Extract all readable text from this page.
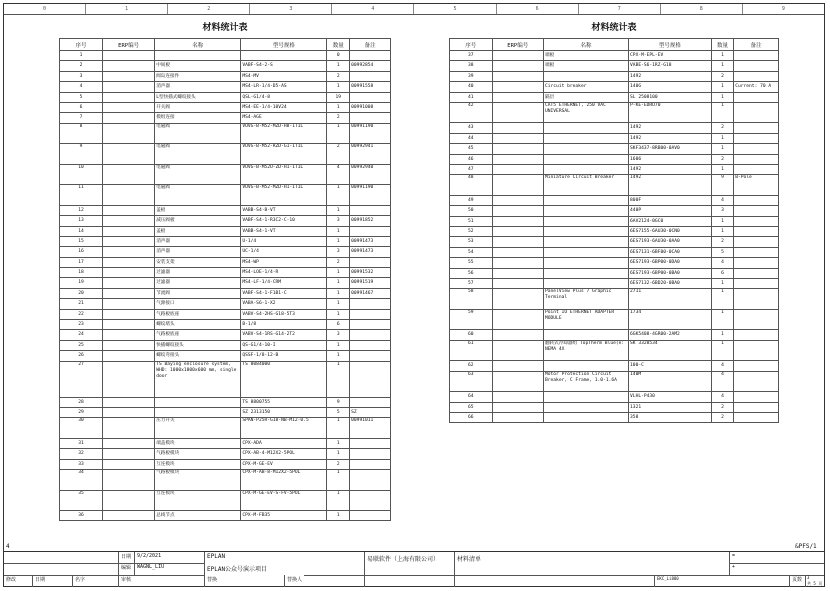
0	1	2	3	4	5	6	7	8	9
材料统计表
序号	ERP编号	名称	型号规格	数量	备注
1				0	
2		中间板	VABF-S4-2-S	1	00992854
3		阀岛连接件	MS4-MV	2	
4		消声器	MS4-LR-1/4-D5-AS	1	00991558
5		L型快插式螺纹接头	QSL-G1/4-8	19	
6		开关阀	MS4-EE-1/4-10V24	1	00991008
7		模组连接	MS4-AGE	2	
8		电磁阀	VUVG-B-M52-MZD-H8-1T1L	1	00991190
9		电磁阀	VUVG-B-M52-RZD-G1-1T1L	2	00992941
10		电磁阀	VUVG-B-M52U-ZD-H1-1T1L	4	00992940
11		电磁阀	VUVG-B-M52-MZD-H1-1T1L	1	00991190
12		盖板	VABB-S4-B-VT	1	
13		减压阀板	VABF-S4-1-R3C2-C-10	3	00991852
14		盖板	VABB-S4-1-VT	1	
15		消声器	U-1/4	1	00991473
16		消声器	UC-1/4	3	00991473
17		安装支架	MS4-WP	2	
18		过滤器	MS4-LOE-1/4-R	1	00991532
19		过滤器	MS4-LF-1/4-CRM	1	00991519
20		节流阀	VABF-S4-1-F1B1-C	1	00991467
21		气源接口	VABA-S6-1-X2	1	
22		气路板底座	VABV-S4-2HS-G18-5T3	1	
23		螺纹堵头	B-1/8	6	
24		气路板底座	VABV-S4-1RS-G14-2T2	3	
25		快插螺纹接头	QS-G1/4-10-I	1	
26		螺纹弯接头	QSSF-1/8-12-B	1	
27		TS Baying enclosure system, WHD: 1000x1800x600 mm, single door	TS 8084000	1	
28			TS 8800755	9	
29			SZ 2313150	5	SZ
30		压力开关	SPAN-P25R-G18-NB-M12-0.5	1	00991011
31		端盖模块	CPX-ADA	1	
32		气路板模块	CPX-AB-4-M12X2-5POL	1	
33		互连模块	CPX-M-GE-EV	2	
34		气路板模块	CPX-M-AB-8-M12X2-5POL	1	
35		互连模块	CPX-M-GE-EV-S-FV-5POL	1	
36		总线节点	CPX-M-FB35	1	
材料统计表
序号	ERP编号	名称	型号规格	数量	备注
37		端板	CPX-M-EPL-EV	1	
38		端板	VABE-S6-1RZ-G18	1	
39			1492	2	
40		Circuit breaker	140G	1	Current: 70 A
41		隔层	SL 2508100	1	
42		CAT5 ETHERNET, 250 VAC UNIVERSAL	P-KE-EDRU70	1	
43			1492	2	
44			1492	1	
45			SKF3437-8RB00-0AV0	1	
46			1606	2	
47			1492	1	
48		Miniature Circuit Breaker	1492	9	B-Pole
49			800F	4	
50			440P	3	
51			6AV2124-0GC0	1	
52			6ES7155-6AU30-0CN0	1	
53			6ES7193-6AU30-0AA0	2	
54			6ES7131-6BF00-0CA0	5	
55			6ES7193-6BP00-0DA0	4	
56			6ES7193-6BP00-0BA0	6	
57			6ES7132-6BD20-0BA0	1	
58		PanelView Plus 7 Graphic Terminal	2711	1	
59		Point IO ETHERNET ADAPTER MODULE	1734	1	
60			6GK5408-4GR00-2AM2	1	
61		翻转式冷却器组 TopTherm Blue(e: NEMA 4X	SK 3328534	1	
62			100-C	4	
63		Motor Protection Circuit Breaker, C Frame, 1.0-1.6A	140M	4	
64			VLHL-P430	4	
65			1321	2	
66			358	2	
4	&PFS/1
日期	9/2/2021
编辑	WAGNL_LIU
审核
修改	日期	名字
EPLAN
EPLAN公众号演示项目
替换	替换人
易联软件（上海有限公司）	材料清单
EKC_Li880
=
+
页数	3
共 5 页
